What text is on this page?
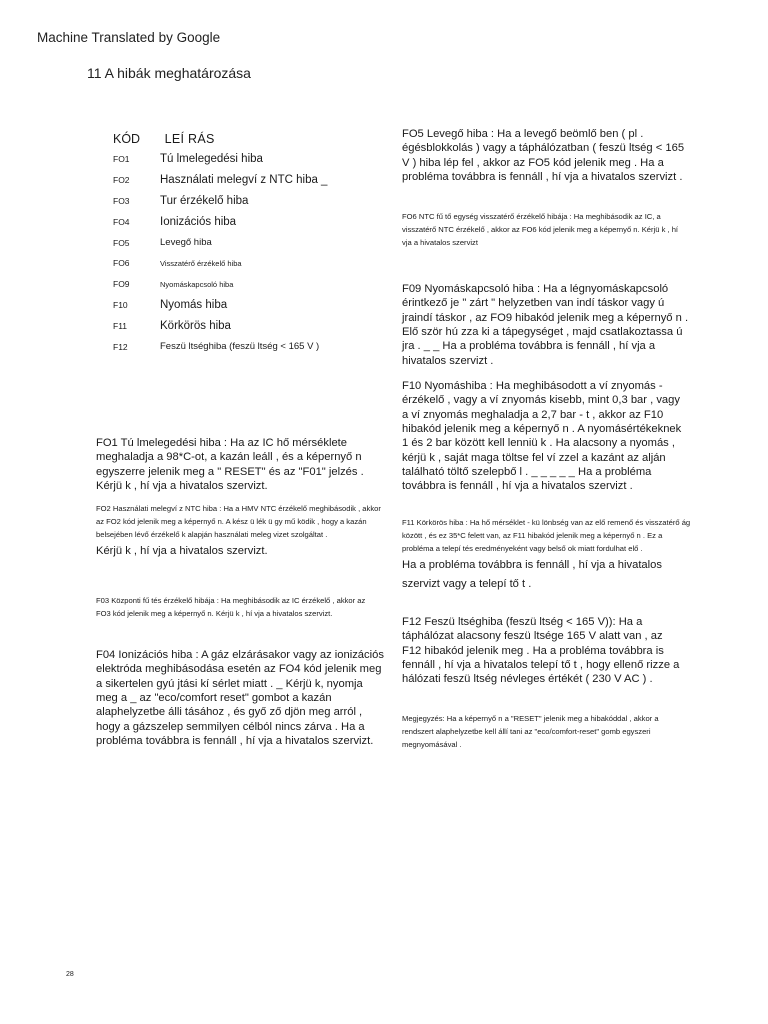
Machine Translated by Google
11 A hibák meghatározása
KÓD LEÍ RÁS
FO1	Tú lmelegedési hiba
FO2	Használati melegví z NTC hiba _
FO3	Tur érzékelő hiba
FO4	Ionizációs hiba
FO5	Levegő hiba
FO6	Visszatérő érzékelő hiba
FO9	Nyomáskapcsoló hiba
F10	Nyomás hiba
F11	Körkörös hiba
F12	Feszü ltséghiba (feszü ltség < 165 V )
FO1 Tú lmelegedési hiba : Ha az IC hő mérséklete meghaladja a 98*C-ot, a kazán leáll , és a képernyő n egyszerre jelenik meg a " RESET" és az "F01" jelzés . Kérjü k , hí vja a hivatalos szervizt.
FO2 Használati melegví z NTC hiba : Ha a HMV NTC érzékelő meghibásodik , akkor az FO2 kód jelenik meg a képernyő n. A kész ü lék ü gy mű ködik , hogy a kazán belsejében lévő érzékelő k alapján használati meleg vizet szolgáltat .
Kérjü k , hí vja a hivatalos szervizt.
F03 Központi fű tés érzékelő hibája : Ha meghibásodik az IC érzékelő , akkor az FO3 kód jelenik meg a képernyő n. Kérjü k , hí vja a hivatalos szervizt.
F04 Ionizációs hiba : A gáz elzárásakor vagy az ionizációs elektróda meghibásodása esetén az FO4 kód jelenik meg a sikertelen gyú jtási kí sérlet miatt . _ Kérjü k, nyomja meg a _ az "eco/comfort reset" gombot a kazán alaphelyzetbe álli tásához , és győ ző djön meg arról , hogy a gázszelep semmilyen célból nincs zárva . Ha a probléma továbbra is fennáll , hí vja a hivatalos szervizt.
FO5 Levegő hiba : Ha a levegő beömlő ben ( pl . égésblokkolás ) vagy a táphálózatban ( feszü ltség < 165 V ) hiba lép fel , akkor az FO5 kód jelenik meg . Ha a probléma továbbra is fennáll , hí vja a hivatalos szervizt .
FO6 NTC fű tő egység visszatérő érzékelő hibája : Ha meghibásodik az IC, a visszatérő NTC érzékelő , akkor az FO6 kód jelenik meg a képernyő n. Kérjü k , hí vja a hivatalos szervizt
F09 Nyomáskapcsoló hiba : Ha a légnyomáskapcsoló érintkező je " zárt " helyzetben van indí táskor vagy ú jraindí táskor , az FO9 hibakód jelenik meg a képernyő n . Elő ször hú zza ki a tápegységet , majd csatlakoztassa ú jra . _ _ Ha a probléma továbbra is fennáll , hí vja a hivatalos szervizt .
F10 Nyomáshiba : Ha meghibásodott a ví znyomás - érzékelő , vagy a ví znyomás kisebb, mint 0,3 bar , vagy a ví znyomás meghaladja a 2,7 bar - t , akkor az F10 hibakód jelenik meg a képernyő n . A nyomásértékeknek 1 és 2 bar között kell lenniü k . Ha alacsony a nyomás , kérjü k , saját maga töltse fel ví zzel a kazánt az alján található töltő szelepbő l . _ _ _ _ _ Ha a probléma továbbra is fennáll , hí vja a hivatalos szervizt .
F11 Körkörös hiba : Ha hő mérséklet - kü lönbség van az elő remenő és visszatérő ág között , és ez 35*C felett van, az F11 hibakód jelenik meg a képernyő n . Ez a probléma a telepí tés eredményeként vagy belső ok miatt fordulhat elő .
Ha a probléma továbbra is fennáll , hí vja a hivatalos szervizt vagy a telepí tő t .
F12 Feszü ltséghiba (feszü ltség < 165 V)): Ha a táphálózat alacsony feszü ltsége 165 V alatt van , az F12 hibakód jelenik meg . Ha a probléma továbbra is fennáll , hí vja a hivatalos telepí tő t , hogy ellenő rizze a hálózati feszü ltség névleges értékét ( 230 V AC ) .
Megjegyzés: Ha a képernyő n a "RESET" jelenik meg a hibakóddal , akkor a rendszert alaphelyzetbe kell állí tani az "eco/comfort-reset" gomb egyszeri megnyomásával .
28
